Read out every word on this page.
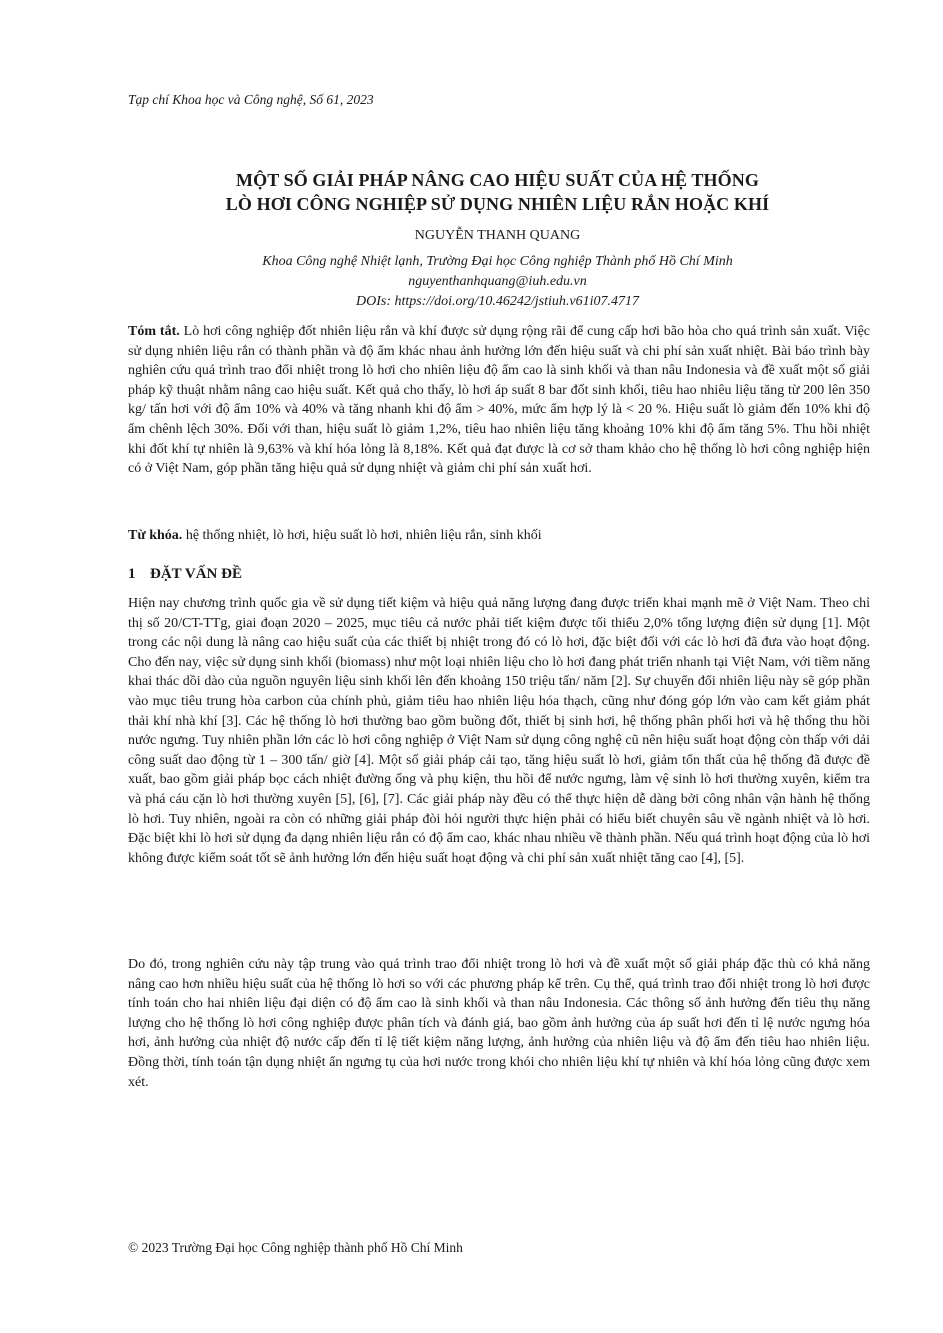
Tạp chí Khoa học và Công nghệ, Số 61, 2023
MỘT SỐ GIẢI PHÁP NÂNG CAO HIỆU SUẤT CỦA HỆ THỐNG
LÒ HƠI CÔNG NGHIỆP SỬ DỤNG NHIÊN LIỆU RẮN HOẶC KHÍ
NGUYỄN THANH QUANG
Khoa Công nghệ Nhiệt lạnh, Trường Đại học Công nghiệp Thành phố Hồ Chí Minh
nguyenthanhquang@iuh.edu.vn
DOIs: https://doi.org/10.46242/jstiuh.v61i07.4717
Tóm tắt. Lò hơi công nghiệp đốt nhiên liệu rắn và khí được sử dụng rộng rãi để cung cấp hơi bão hòa cho quá trình sản xuất. Việc sử dụng nhiên liệu rắn có thành phần và độ ẩm khác nhau ảnh hưởng lớn đến hiệu suất và chi phí sản xuất nhiệt. Bài báo trình bày nghiên cứu quá trình trao đổi nhiệt trong lò hơi cho nhiên liệu độ ẩm cao là sinh khối và than nâu Indonesia và đề xuất một số giải pháp kỹ thuật nhằm nâng cao hiệu suất. Kết quả cho thấy, lò hơi áp suất 8 bar đốt sinh khối, tiêu hao nhiêu liệu tăng từ 200 lên 350 kg/ tấn hơi với độ ẩm 10% và 40% và tăng nhanh khi độ ẩm > 40%, mức ẩm hợp lý là < 20 %. Hiệu suất lò giảm đến 10% khi độ ẩm chênh lệch 30%. Đối với than, hiệu suất lò giảm 1,2%, tiêu hao nhiên liệu tăng khoảng 10% khi độ ẩm tăng 5%. Thu hồi nhiệt khi đốt khí tự nhiên là 9,63% và khí hóa lỏng là 8,18%. Kết quả đạt được là cơ sở tham khảo cho hệ thống lò hơi công nghiệp hiện có ở Việt Nam, góp phần tăng hiệu quả sử dụng nhiệt và giảm chi phí sản xuất hơi.
Từ khóa. hệ thống nhiệt, lò hơi, hiệu suất lò hơi, nhiên liệu rắn, sinh khối
1 ĐẶT VẤN ĐỀ
Hiện nay chương trình quốc gia về sử dụng tiết kiệm và hiệu quả năng lượng đang được triển khai mạnh mẽ ở Việt Nam. Theo chỉ thị số 20/CT-TTg, giai đoạn 2020 – 2025, mục tiêu cả nước phải tiết kiệm được tối thiểu 2,0% tổng lượng điện sử dụng [1]. Một trong các nội dung là nâng cao hiệu suất của các thiết bị nhiệt trong đó có lò hơi, đặc biệt đối với các lò hơi đã đưa vào hoạt động. Cho đến nay, việc sử dụng sinh khối (biomass) như một loại nhiên liệu cho lò hơi đang phát triển nhanh tại Việt Nam, với tiềm năng khai thác dồi dào của nguồn nguyên liệu sinh khối lên đến khoảng 150 triệu tấn/ năm [2]. Sự chuyển đổi nhiên liệu này sẽ góp phần vào mục tiêu trung hòa carbon của chính phủ, giảm tiêu hao nhiên liệu hóa thạch, cũng như đóng góp lớn vào cam kết giảm phát thải khí nhà khí [3]. Các hệ thống lò hơi thường bao gồm buồng đốt, thiết bị sinh hơi, hệ thống phân phối hơi và hệ thống thu hồi nước ngưng. Tuy nhiên phần lớn các lò hơi công nghiệp ở Việt Nam sử dụng công nghệ cũ nên hiệu suất hoạt động còn thấp với dải công suất dao động từ 1 – 300 tấn/ giờ [4]. Một số giải pháp cải tạo, tăng hiệu suất lò hơi, giảm tổn thất của hệ thống đã được đề xuất, bao gồm giải pháp bọc cách nhiệt đường ống và phụ kiện, thu hồi để nước ngưng, làm vệ sinh lò hơi thường xuyên, kiểm tra và phá cáu cặn lò hơi thường xuyên [5], [6], [7]. Các giải pháp này đều có thể thực hiện dễ dàng bởi công nhân vận hành hệ thống lò hơi. Tuy nhiên, ngoài ra còn có những giải pháp đòi hỏi người thực hiện phải có hiểu biết chuyên sâu về ngành nhiệt và lò hơi. Đặc biệt khi lò hơi sử dụng đa dạng nhiên liệu rắn có độ ẩm cao, khác nhau nhiều về thành phần. Nếu quá trình hoạt động của lò hơi không được kiểm soát tốt sẽ ảnh hưởng lớn đến hiệu suất hoạt động và chi phí sản xuất nhiệt tăng cao [4], [5].
Do đó, trong nghiên cứu này tập trung vào quá trình trao đổi nhiệt trong lò hơi và đề xuất một số giải pháp đặc thù có khả năng nâng cao hơn nhiều hiệu suất của hệ thống lò hơi so với các phương pháp kể trên. Cụ thể, quá trình trao đổi nhiệt trong lò hơi được tính toán cho hai nhiên liệu đại diện có độ ẩm cao là sinh khối và than nâu Indonesia. Các thông số ảnh hưởng đến tiêu thụ năng lượng cho hệ thống lò hơi công nghiệp được phân tích và đánh giá, bao gồm ảnh hưởng của áp suất hơi đến tỉ lệ nước ngưng hóa hơi, ảnh hưởng của nhiệt độ nước cấp đến tỉ lệ tiết kiệm năng lượng, ảnh hưởng của nhiên liệu và độ ẩm đến tiêu hao nhiên liệu. Đồng thời, tính toán tận dụng nhiệt ẩn ngưng tụ của hơi nước trong khói cho nhiên liệu khí tự nhiên và khí hóa lỏng cũng được xem xét.
© 2023 Trường Đại học Công nghiệp thành phố Hồ Chí Minh
